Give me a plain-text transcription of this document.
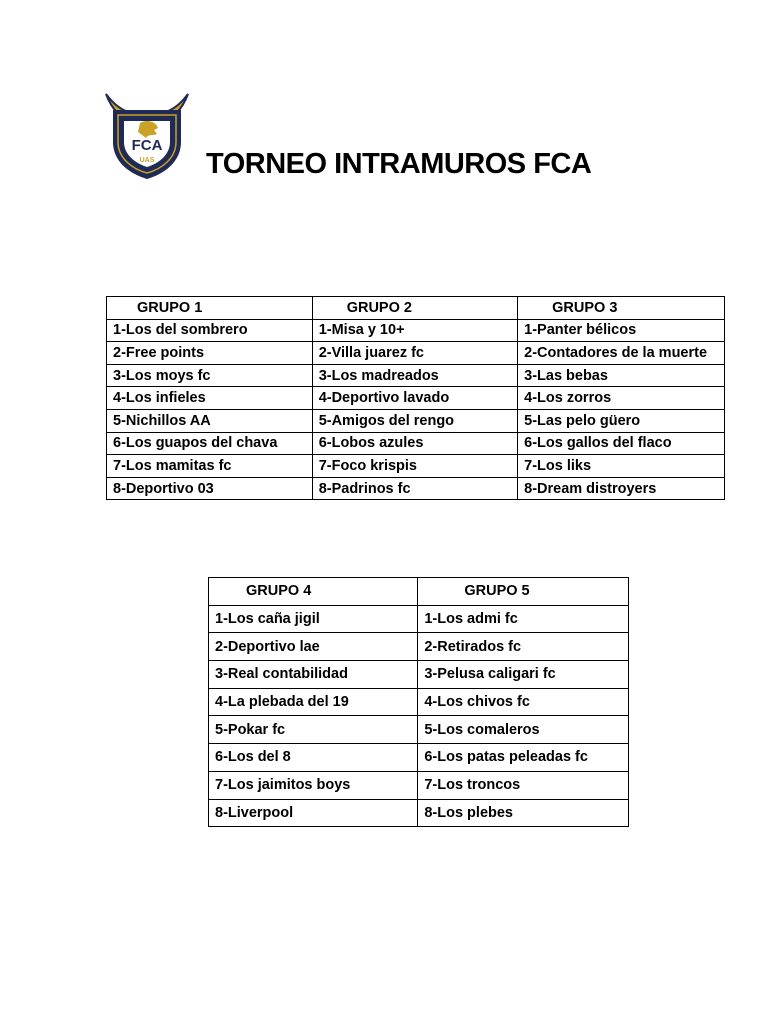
FCA
UAS TORNEO INTRAMUROS FCA
GRUPO 1	GRUPO 2	GRUPO 3
1-Los del sombrero	1-Misa y 10+	1-Panter bélicos
2-Free points	2-Villa juarez fc	2-Contadores de la muerte
3-Los moys fc	3-Los madreados	3-Las bebas
4-Los infieles	4-Deportivo lavado	4-Los zorros
5-Nichillos AA	5-Amigos del rengo	5-Las pelo güero
6-Los guapos del chava	6-Lobos azules	6-Los gallos del flaco
7-Los mamitas fc	7-Foco krispis	7-Los liks
8-Deportivo 03	8-Padrinos fc	8-Dream distroyers
GRUPO 4	GRUPO 5
1-Los caña jigil	1-Los admi fc
2-Deportivo lae	2-Retirados fc
3-Real contabilidad	3-Pelusa caligari fc
4-La plebada del 19	4-Los chivos fc
5-Pokar fc	5-Los comaleros
6-Los del 8	6-Los patas peleadas fc
7-Los jaimitos boys	7-Los troncos
8-Liverpool	8-Los plebes
